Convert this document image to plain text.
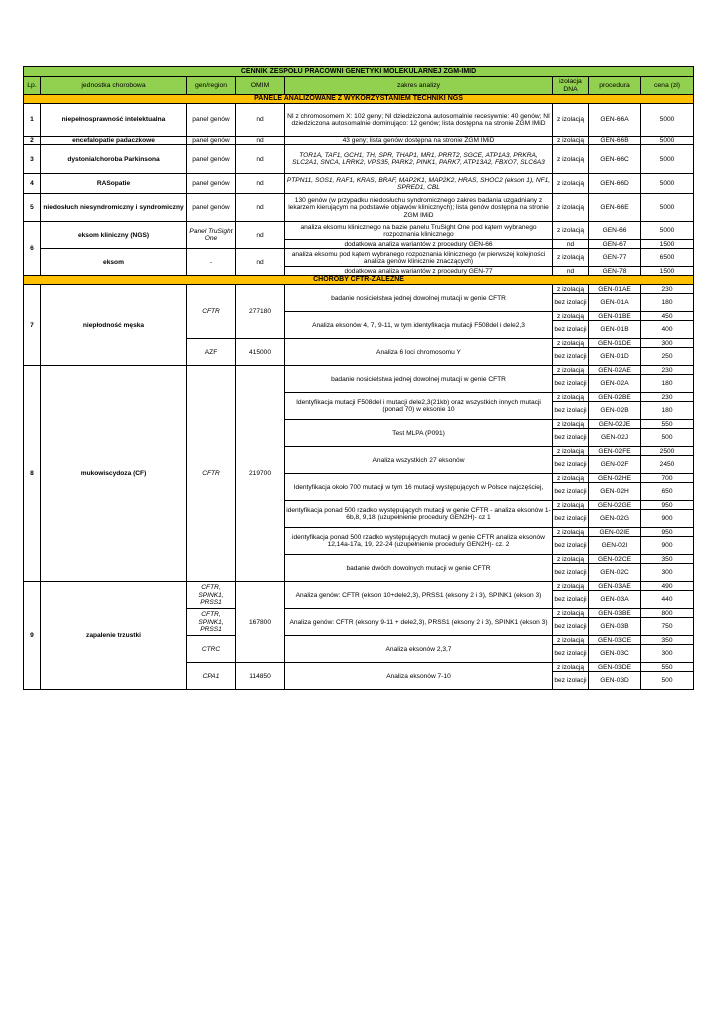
CENNIK ZESPOŁU PRACOWNI GENETYKI MOLEKULARNEJ ZGM-IMID							
Lp.	jednostka chorobowa	gen/region	OMIM	zakres analizy	izolacja DNA	procedura	cena (zł)
PANELE ANALIZOWANE Z WYKORZYSTANIEM TECHNIKI NGS							
1	niepełnosprawność intelektualna	panel genów	nd	NI z chromosomem X: 102 geny; NI dziedziczona autosomalnie recesywnie: 40 genów; NI dziedziczona autosomalnie dominująco: 12 genów; lista dostępna na stronie ZGM IMiD	z izolacją	GEN-66A	5000
2	encefalopatie padaczkowe	panel genów	nd	43 geny; lista genów dostępna na stronie ZGM IMiD	z izolacją	GEN-66B	5000
3	dystonia/choroba Parkinsona	panel genów	nd	TOR1A, TAF1, GCH1, TH, SPR, THAP1, MR1, PRRT2, SGCE, ATP1A3, PRKRA, SLC2A1, SNCA, LRRK2, VPS35, PARK2, PINK1, PARK7, ATP13A2, FBXO7, SLC6A3	z izolacją	GEN-66C	5000
4	RASopatie	panel genów	nd	PTPN11, SOS1, RAF1, KRAS, BRAF, MAP2K1, MAP2K2, HRAS, SHOC2 (ekson 1), NF1, SPRED1, CBL	z izolacją	GEN-66D	5000
5	niedosłuch niesyndromiczny i syndromiczny	panel genów	nd	130 genów (w przypadku niedosłuchu syndromicznego zakres badania uzgadniany z lekarzem kierującym na podstawie objawów klinicznych); lista genów dostępna na stronie ZGM IMiD	z izolacją	GEN-66E	5000
6	eksom kliniczny (NGS)	Panel TruSight One	nd	analiza eksomu klinicznego na bazie panelu TruSight One pod kątem wybranego rozpoznania klinicznego	z izolacją	GEN-66	5000
				dodatkowa analiza wariantów z procedury GEN-66	nd	GEN-67	1500
	eksom	-	nd	analiza eksomu pod kątem wybranego rozpoznania klinicznego (w pierwszej kolejności analiza genów klinicznie znaczących)	z izolacją	GEN-77	6500
				dodatkowa analiza wariantów z procedury GEN-77	nd	GEN-78	1500
CHOROBY CFTR-ZALEŻNE							
7	niepłodność męska	CFTR	277180	badanie nosicielstwa jednej dowolnej mutacji w genie CFTR	z izolacją	GEN-01AE	230
					bez izolacji	GEN-01A	180
				Analiza eksonów 4, 7, 9-11, w tym identyfikacja mutacji F508del i dele2,3	z izolacją	GEN-01BE	450
					bez izolacji	GEN-01B	400
		AZF	415000	Analiza 6 loci chromosomu Y	z izolacją	GEN-01DE	300
					bez izolacji	GEN-01D	250
8	mukowiscydoza (CF)	CFTR	219700	badanie nosicielstwa jednej dowolnej mutacji w genie CFTR	z izolacją	GEN-02AE	230
					bez izolacji	GEN-02A	180
				Identyfikacja mutacji F508del i mutacji dele2,3(21kb) oraz wszystkich innych mutacji (ponad 70) w eksonie 10	z izolacją	GEN-02BE	230
					bez izolacji	GEN-02B	180
				Test MLPA (P091)	z izolacją	GEN-02JE	550
					bez izolacji	GEN-02J	500
				Analiza wszystkich 27 eksonów	z izolacją	GEN-02FE	2500
					bez izolacji	GEN-02F	2450
				Identyfikacja około 700 mutacji w tym 16 mutacji występujących w Polsce najczęściej,	z izolacją	GEN-02HE	700
					bez izolacji	GEN-02H	650
				identyfikacja ponad 500 rzadko występujących mutacji w genie CFTR - analiza eksonów 1-6b,8, 9,18 (uzupełnienie procedury GEN2H)- cz 1	z izolacją	GEN-02GE	950
					bez izolacji	GEN-02G	900
				identyfikacja ponad 500 rzadko występujących mutacji w genie CFTR analiza eksonów 12,14a-17a, 19, 22-24 (uzupełnienie procedury GEN2H)- cz. 2	z izolacją	GEN-02IE	950
					bez izolacji	GEN-02I	900
				badanie dwóch dowolnych mutacji w genie CFTR	z izolacją	GEN-02CE	350
					bez izolacji	GEN-02C	300
9	zapalenie trzustki	CFTR, SPINK1, PRSS1	167800	Analiza genów: CFTR (ekson 10+dele2,3), PRSS1 (eksony 2 i 3), SPINK1 (ekson 3)	z izolacją	GEN-03AE	490
					bez izolacji	GEN-03A	440
		CFTR, SPINK1, PRSS1		Analiza genów: CFTR (eksony 9-11 + dele2,3), PRSS1 (eksony 2 i 3), SPINK1 (ekson 3)	z izolacją	GEN-03BE	800
					bez izolacji	GEN-03B	750
		CTRC		Analiza eksonów 2,3,7	z izolacją	GEN-03CE	350
					bez izolacji	GEN-03C	300
		CPA1	114850	Analiza eksonów 7-10	z izolacją	GEN-03DE	550
					bez izolacji	GEN-03D	500
